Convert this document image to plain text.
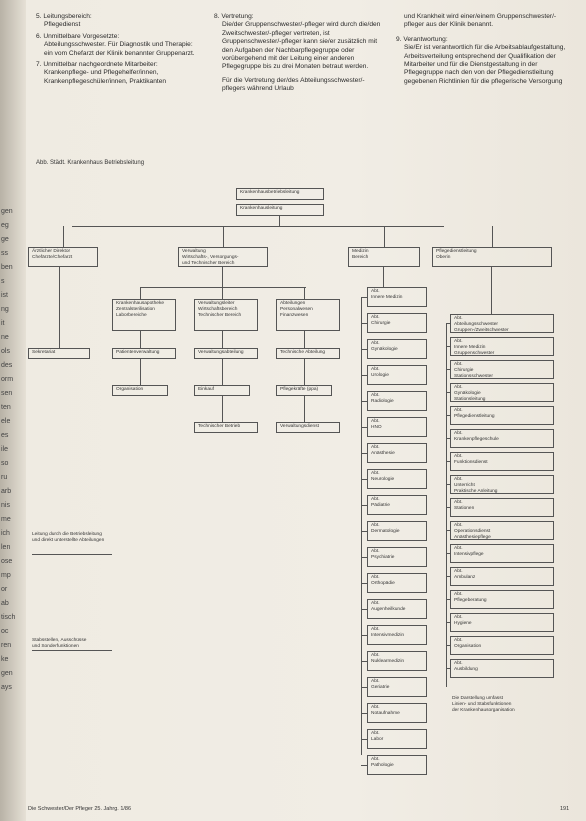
5. Leitungsbereich:
Pflegedienst
6. Unmittelbare Vorgesetzte:
Abteilungsschwester. Für Diagnostik und Therapie: ein vom Chefarzt der Klinik benannter Gruppenarzt.
7. Unmittelbar nachgeordnete Mitarbeiter:
Krankenpflege- und Pflegehelfer/innen, Krankenpflegeschüler/innen, Praktikanten
8. Vertretung:
Die/der Gruppenschwester/-pfleger wird durch die/den Zweitschwester/-pfleger vertreten, ist Gruppenschwester/-pfleger kann sie/er zusätzlich mit den Aufgaben der Nachbarpflegegruppe oder vorübergehend mit der Leitung einer anderen Pflegegruppe bis zu drei Monaten betraut werden.
Für die Vertretung der/des Abteilungsschwester/-pflegers während Urlaub
und Krankheit wird einer/einem Gruppenschwester/-pfleger aus der Klinik benannt.
9. Verantwortung:
Sie/Er ist verantwortlich für die Arbeitsablaufgestaltung, Arbeitsverteilung entsprechend der Qualifikation der Mitarbeiter und für die Dienstgestaltung in der Pflegegruppe nach den von der Pflegedienstleitung gegebenen Richtlinien für die pflegerische Versorgung
Abb. Städt. Krankenhaus Betriebsleitung
Krankenhausbetriebsleitung
Krankenhausleitung
Ärztlicher Direktor
Chefärzte/Chefarzt
Verwaltung
Wirtschafts-, Versorgungs-
und Technischer Bereich
Medizin
Bereich
Pflegedienstleitung
Oberin
Krankenhausapotheke
Zentralsterilisation
Laborbereiche
Verwaltungsleiter
Wirtschaftsbereich
Technischer Bereich
Abteilungen
Personalwesen
Finanzwesen
Sekretariat	Patientenverwaltung	Verwaltungsabteilung	Technische Abteilung
Organisation	Einkauf	Pflegekräfte (ppa)
Technischer Betrieb	Verwaltungsdienst
Abt.
Innere Medizin
Abt.
Chirurgie
Abt.
Gynäkologie
Abt.
Urologie
Abt.
Radiologie
Abt.
HNO
Abt.
Anästhesie
Abt.
Neurologie
Abt.
Pädiatrie
Abt.
Dermatologie
Abt.
Psychiatrie
Abt.
Orthopädie
Abt.
Augenheilkunde
Abt.
Intensivmedizin
Abt.
Nuklearmedizin
Abt.
Geriatrie
Abt.
Notaufnahme
Abt.
Labor
Abt.
Pathologie
Abt.
Abteilungsschwester
Gruppen-/Zweitschwester
Abt.
Innere Medizin
Gruppenschwester
Abt.
Chirurgie
Stationsschwester
Abt.
Gynäkologie
Stationsleitung
Abt.
Pflegedienstleitung
Abt.
Krankenpflegeschule
Abt.
Funktionsdienst
Abt.
Unterricht
Praktische Anleitung
Abt.
Stationen
Abt.
Operationsdienst
Anästhesiepflege
Abt.
Intensivpflege
Abt.
Ambulanz
Abt.
Pflegeberatung
Abt.
Hygiene
Abt.
Organisation
Abt.
Ausbildung
Leitung durch die Betriebsleitung
und direkt unterstellte Abteilungen
Stabsstellen, Ausschüsse
und Sonderfunktionen
Die Darstellung umfasst
Linien- und Stabsfunktionen
der Krankenhausorganisation
Die Schwester/Der Pfleger 25. Jahrg. 1/86	191
gen
eg
ge
ss
ben
s
ist
ng
it
ne
ols
des
orm
sen
ten
ele
es
ile
so
ru
arb
nis
me
ich
len
ose
mp
or
ab
tisch
oc
ren
ke
gen
ays
